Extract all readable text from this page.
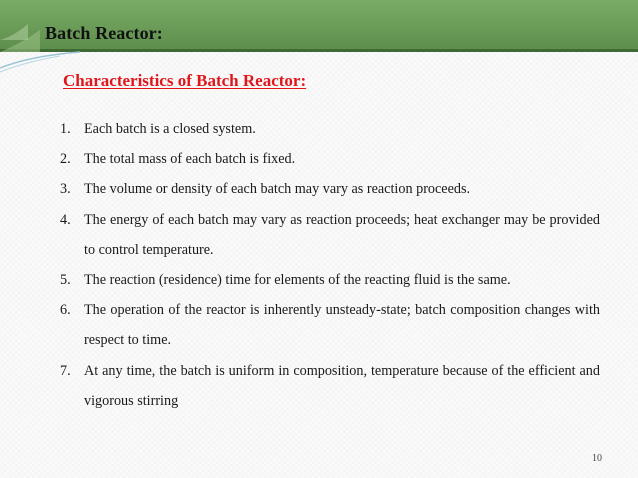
Batch Reactor:
Characteristics of Batch Reactor:
1. Each batch is a closed system.
2. The total mass of each batch is fixed.
3. The volume or density of each batch may vary as reaction proceeds.
4. The energy of each batch may vary as reaction proceeds; heat exchanger may be provided to control temperature.
5. The reaction (residence) time for elements of the reacting fluid is the same.
6. The operation of the reactor is inherently unsteady-state; batch composition changes with respect to time.
7. At any time, the batch is uniform in composition, temperature because of the efficient and vigorous stirring
10
